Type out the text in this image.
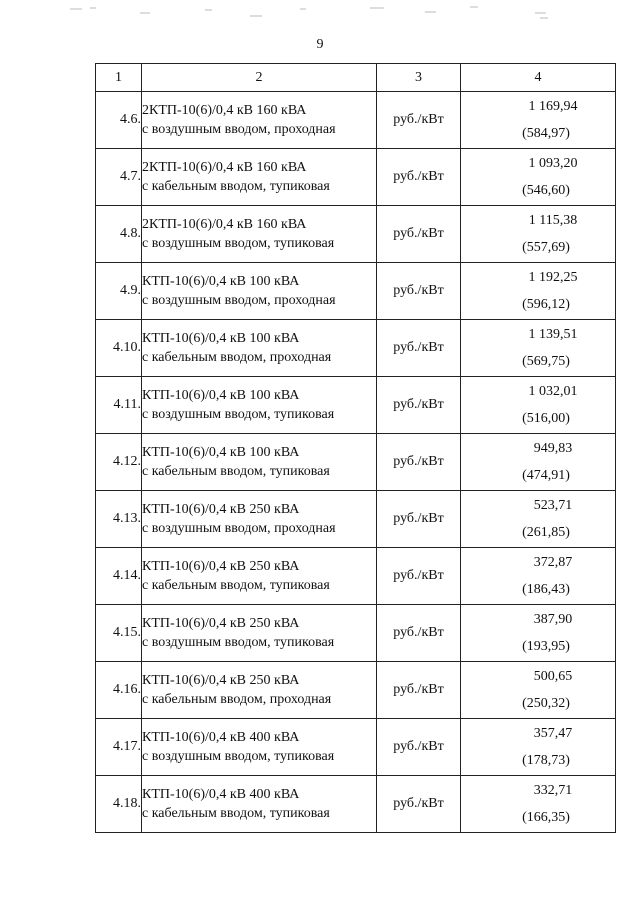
9
1	2	3	4
4.6.	2КТП-10(6)/0,4 кВ 160 кВА
с воздушным вводом, проходная	руб./кВт	1 169,94
(584,97)

4.7.	2КТП-10(6)/0,4 кВ 160 кВА
с кабельным вводом, тупиковая	руб./кВт	1 093,20
(546,60)

4.8.	2КТП-10(6)/0,4 кВ 160 кВА
с воздушным вводом, тупиковая	руб./кВт	1 115,38
(557,69)

4.9.	КТП-10(6)/0,4 кВ 100 кВА
с воздушным вводом, проходная	руб./кВт	1 192,25
(596,12)

4.10.	КТП-10(6)/0,4 кВ 100 кВА
с кабельным вводом, проходная	руб./кВт	1 139,51
(569,75)

4.11.	КТП-10(6)/0,4 кВ 100 кВА
с воздушным вводом, тупиковая	руб./кВт	1 032,01
(516,00)

4.12.	КТП-10(6)/0,4 кВ 100 кВА
с кабельным вводом, тупиковая	руб./кВт	949,83
(474,91)

4.13.	КТП-10(6)/0,4 кВ 250 кВА
с воздушным вводом, проходная	руб./кВт	523,71
(261,85)

4.14.	КТП-10(6)/0,4 кВ 250 кВА
с кабельным вводом, тупиковая	руб./кВт	372,87
(186,43)

4.15.	КТП-10(6)/0,4 кВ 250 кВА
с воздушным вводом, тупиковая	руб./кВт	387,90
(193,95)

4.16.	КТП-10(6)/0,4 кВ 250 кВА
с кабельным вводом, проходная	руб./кВт	500,65
(250,32)

4.17.	КТП-10(6)/0,4 кВ 400 кВА
с воздушным вводом, тупиковая	руб./кВт	357,47
(178,73)

4.18.	КТП-10(6)/0,4 кВ 400 кВА
с кабельным вводом, тупиковая	руб./кВт	332,71
(166,35)
